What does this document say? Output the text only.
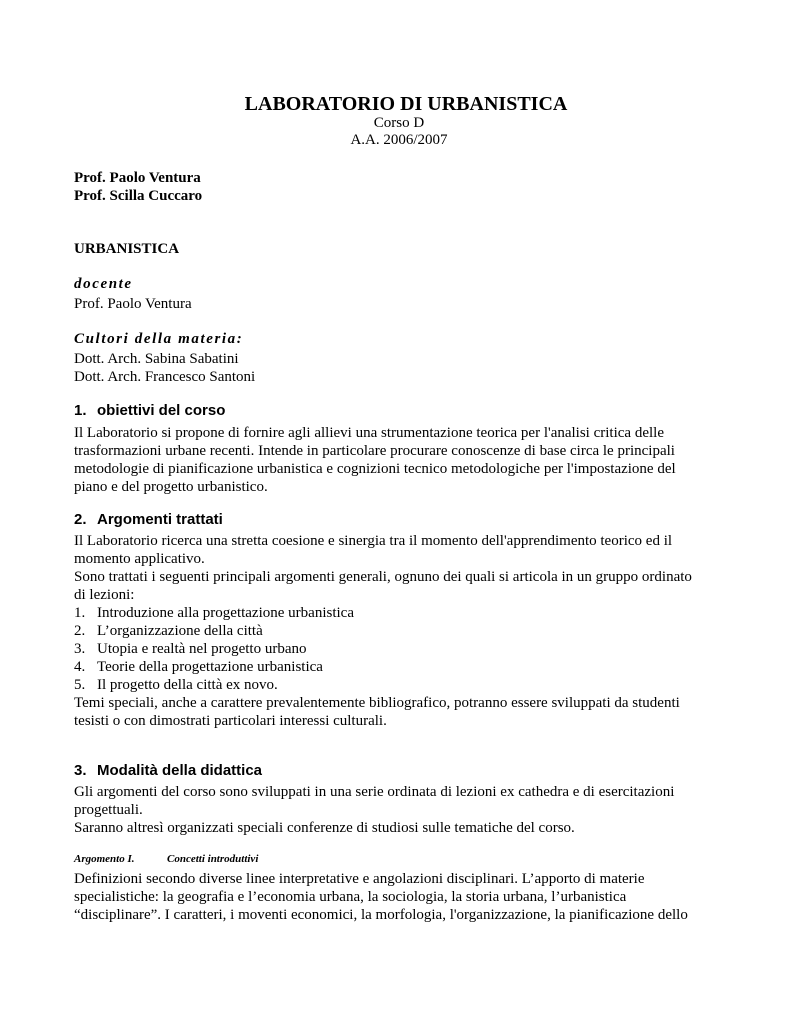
LABORATORIO DI URBANISTICA
Corso D
A.A. 2006/2007
Prof. Paolo Ventura
Prof. Scilla Cuccaro
URBANISTICA
docente
Prof. Paolo Ventura
Cultori della materia:
Dott. Arch. Sabina Sabatini
Dott. Arch. Francesco Santoni
1. obiettivi del corso

Il Laboratorio si propone di fornire agli allievi una strumentazione teorica per l'analisi critica delle

trasformazioni urbane recenti. Intende in particolare procurare conoscenze di base circa le principali

metodologie di pianificazione urbanistica e cognizioni tecnico metodologiche per l'impostazione del

piano e del progetto urbanistico.

2. Argomenti trattati

Il Laboratorio ricerca una stretta coesione e sinergia tra il momento dell'apprendimento teorico ed il

momento applicativo.

Sono trattati i seguenti principali argomenti generali, ognuno dei quali si articola in un gruppo ordinato

di lezioni:

1. Introduzione alla progettazione urbanistica
2. L’organizzazione della città
3. Utopia e realtà nel progetto urbano
4. Teorie della progettazione urbanistica
5. Il progetto della città ex novo.

Temi speciali, anche a carattere prevalentemente bibliografico, potranno essere sviluppati da studenti

tesisti o con dimostrati particolari interessi culturali.

3. Modalità della didattica

Gli argomenti del corso sono sviluppati in una serie ordinata di lezioni ex cathedra e di esercitazioni

progettuali.

Saranno altresì organizzati speciali conferenze di studiosi sulle tematiche del corso.

Argomento I.	Concetti introduttivi

Definizioni secondo diverse linee interpretative e angolazioni disciplinari. L’apporto di materie

specialistiche: la geografia e l’economia urbana, la sociologia, la storia urbana, l’urbanistica

“disciplinare”. I caratteri, i moventi economici, la morfologia, l'organizzazione, la pianificazione dello
